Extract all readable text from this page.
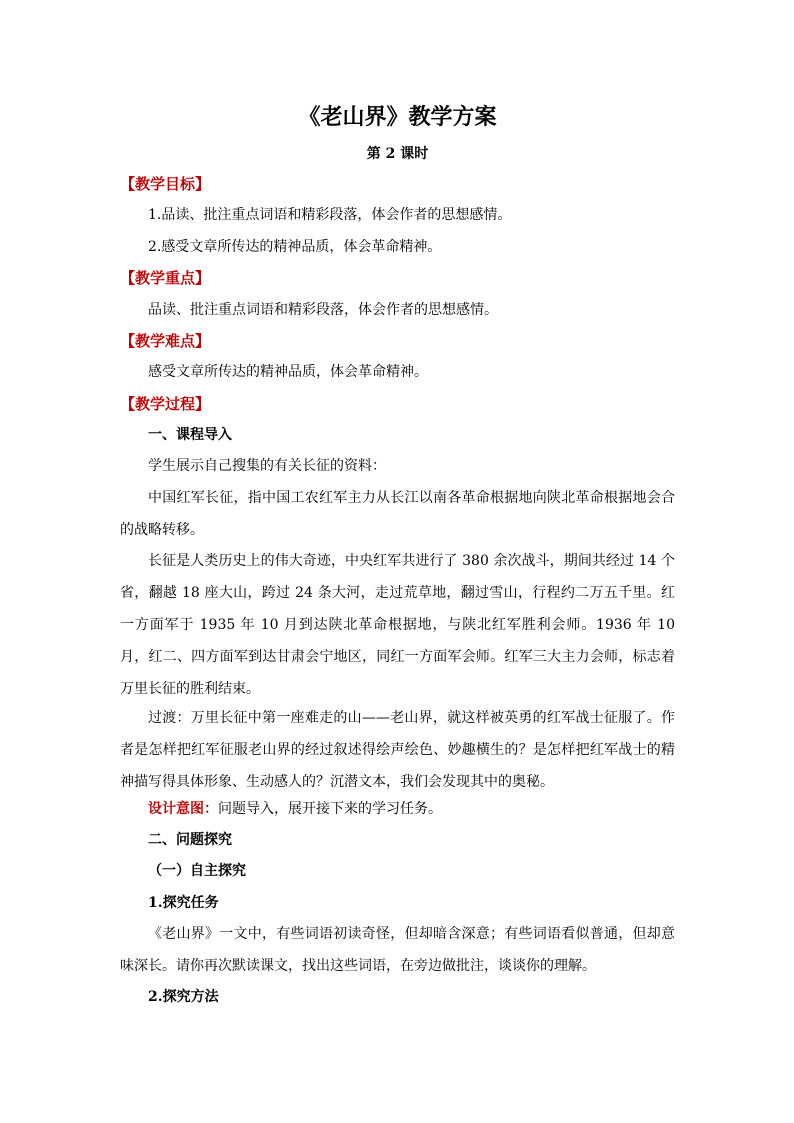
《老山界》教学方案
第 2 课时
【教学目标】
1.品读、批注重点词语和精彩段落，体会作者的思想感情。
2.感受文章所传达的精神品质，体会革命精神。
【教学重点】
品读、批注重点词语和精彩段落，体会作者的思想感情。
【教学难点】
感受文章所传达的精神品质，体会革命精神。
【教学过程】
一、课程导入
学生展示自己搜集的有关长征的资料：
中国红军长征，指中国工农红军主力从长江以南各革命根据地向陕北革命根据地会合的战略转移。
长征是人类历史上的伟大奇迹，中央红军共进行了 380 余次战斗，期间共经过 14 个省，翻越 18 座大山，跨过 24 条大河，走过荒草地，翻过雪山，行程约二万五千里。红一方面军于 1935 年 10 月到达陕北革命根据地，与陕北红军胜利会师。1936 年 10 月，红二、四方面军到达甘肃会宁地区，同红一方面军会师。红军三大主力会师，标志着万里长征的胜利结束。
过渡：万里长征中第一座难走的山——老山界，就这样被英勇的红军战士征服了。作者是怎样把红军征服老山界的经过叙述得绘声绘色、妙趣横生的？是怎样把红军战士的精神描写得具体形象、生动感人的？沉潜文本，我们会发现其中的奥秘。
设计意图：问题导入，展开接下来的学习任务。
二、问题探究
（一）自主探究
1.探究任务
《老山界》一文中，有些词语初读奇怪，但却暗含深意；有些词语看似普通，但却意味深长。请你再次默读课文，找出这些词语，在旁边做批注，谈谈你的理解。
2.探究方法
